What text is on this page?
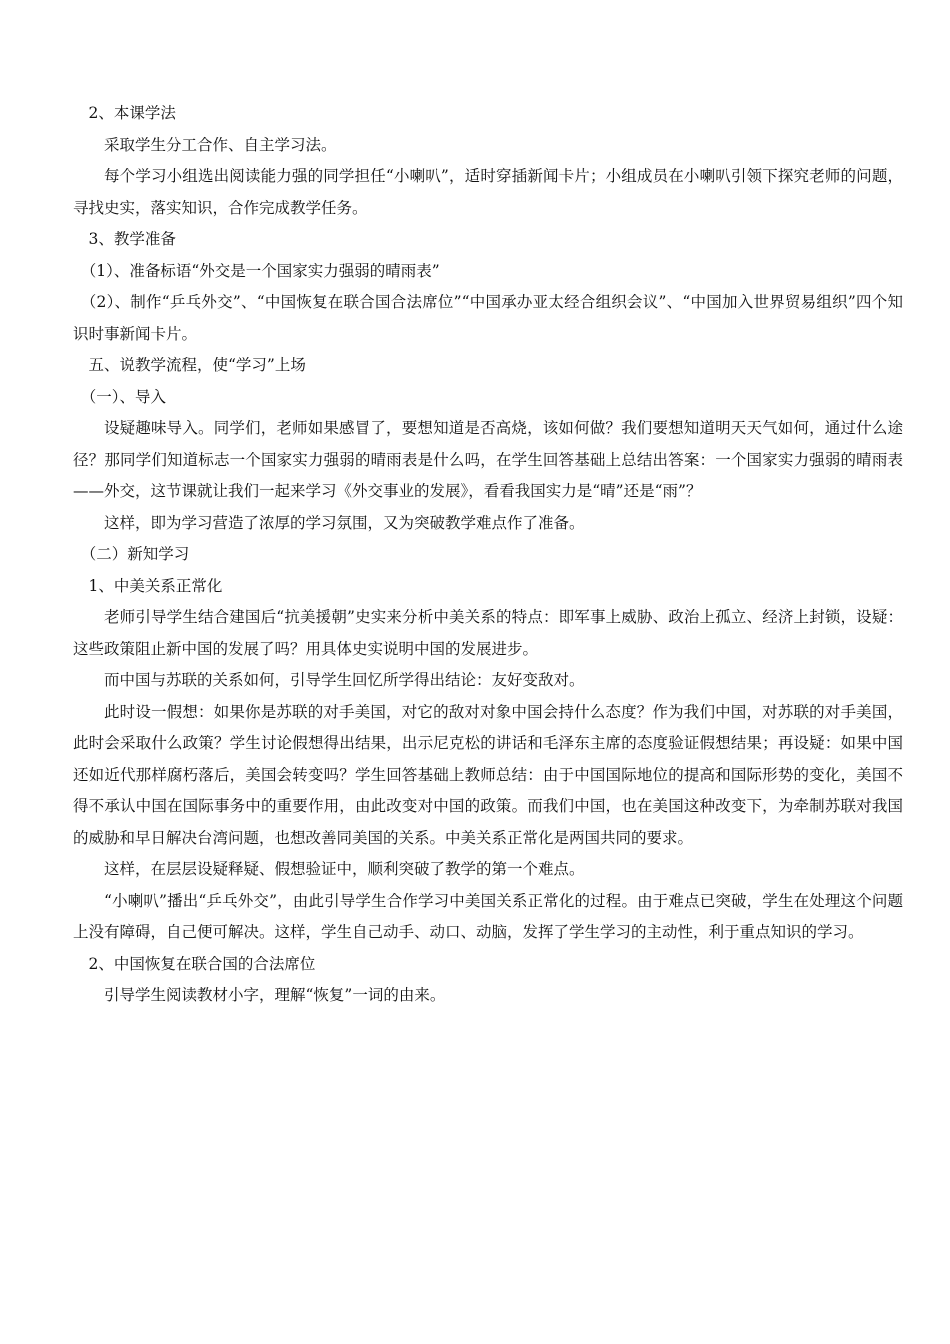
2、本课学法

采取学生分工合作、自主学习法。

每个学习小组选出阅读能力强的同学担任“小喇叭”，适时穿插新闻卡片；小组成员在小喇叭引领下探究老师的问题，寻找史实，落实知识，合作完成教学任务。

3、教学准备

（1）、准备标语“外交是一个国家实力强弱的晴雨表”

（2）、制作“乒乓外交”、“中国恢复在联合国合法席位”“中国承办亚太经合组织会议”、“中国加入世界贸易组织”四个知识时事新闻卡片。

五、说教学流程，使“学习”上场

（一）、导入

设疑趣味导入。同学们，老师如果感冒了，要想知道是否高烧，该如何做？我们要想知道明天天气如何，通过什么途径？那同学们知道标志一个国家实力强弱的晴雨表是什么吗，在学生回答基础上总结出答案：一个国家实力强弱的晴雨表——外交，这节课就让我们一起来学习《外交事业的发展》，看看我国实力是“晴”还是“雨”？

这样，即为学习营造了浓厚的学习氛围，又为突破教学难点作了准备。

（二）新知学习

1、中美关系正常化

老师引导学生结合建国后“抗美援朝”史实来分析中美关系的特点：即军事上威胁、政治上孤立、经济上封锁，设疑：这些政策阻止新中国的发展了吗？用具体史实说明中国的发展进步。

而中国与苏联的关系如何，引导学生回忆所学得出结论：友好变敌对。

此时设一假想：如果你是苏联的对手美国，对它的敌对对象中国会持什么态度？作为我们中国，对苏联的对手美国，此时会采取什么政策？学生讨论假想得出结果，出示尼克松的讲话和毛泽东主席的态度验证假想结果；再设疑：如果中国还如近代那样腐朽落后，美国会转变吗？学生回答基础上教师总结：由于中国国际地位的提高和国际形势的变化，美国不得不承认中国在国际事务中的重要作用，由此改变对中国的政策。而我们中国，也在美国这种改变下，为牵制苏联对我国的威胁和早日解决台湾问题，也想改善同美国的关系。中美关系正常化是两国共同的要求。

这样，在层层设疑释疑、假想验证中，顺利突破了教学的第一个难点。

“小喇叭”播出“乒乓外交”，由此引导学生合作学习中美国关系正常化的过程。由于难点已突破，学生在处理这个问题上没有障碍，自己便可解决。这样，学生自己动手、动口、动脑，发挥了学生学习的主动性，利于重点知识的学习。

2、中国恢复在联合国的合法席位

引导学生阅读教材小字，理解“恢复”一词的由来。
